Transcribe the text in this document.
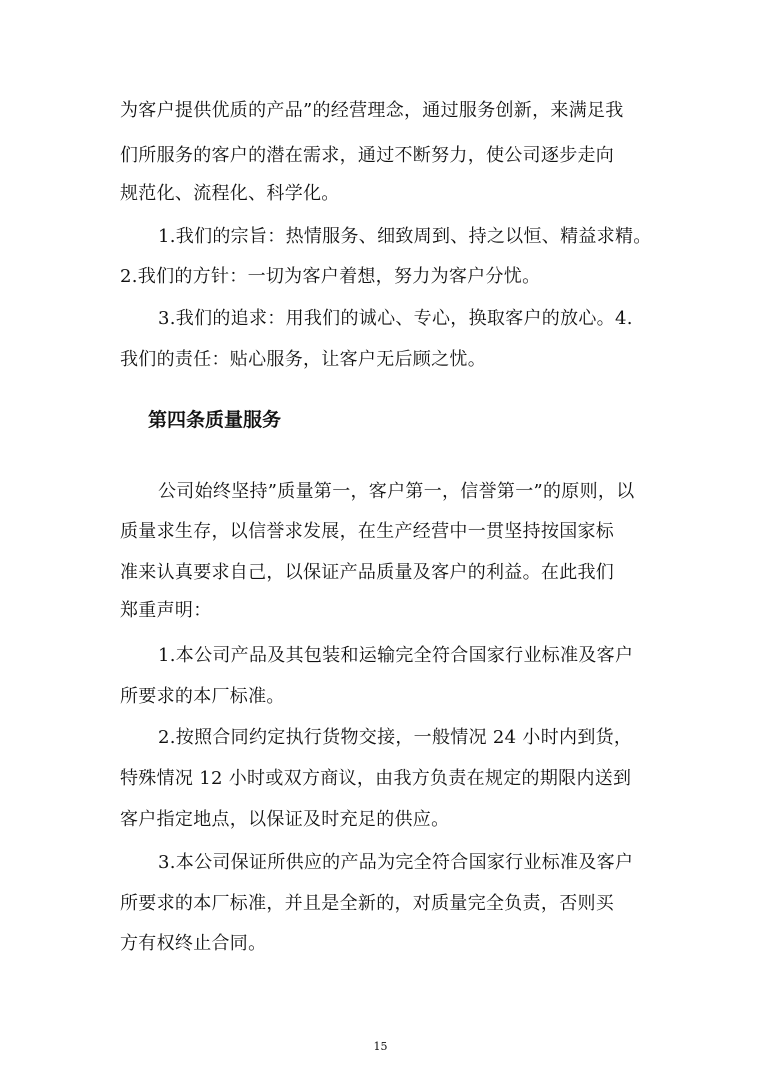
为客户提供优质的产品”的经营理念，通过服务创新，来满足我
们所服务的客户的潜在需求，通过不断努力，使公司逐步走向
规范化、流程化、科学化。
1.我们的宗旨：热情服务、细致周到、持之以恒、精益求精。
2.我们的方针：一切为客户着想，努力为客户分忧。
3.我们的追求：用我们的诚心、专心，换取客户的放心。4.
我们的责任：贴心服务，让客户无后顾之忧。
第四条质量服务
公司始终坚持”质量第一，客户第一，信誉第一”的原则，以
质量求生存，以信誉求发展，在生产经营中一贯坚持按国家标
准来认真要求自己，以保证产品质量及客户的利益。在此我们
郑重声明：
1.本公司产品及其包装和运输完全符合国家行业标准及客户
所要求的本厂标准。
2.按照合同约定执行货物交接，一般情况 24 小时内到货，
特殊情况 12 小时或双方商议，由我方负责在规定的期限内送到
客户指定地点，以保证及时充足的供应。
3.本公司保证所供应的产品为完全符合国家行业标准及客户
所要求的本厂标准，并且是全新的，对质量完全负责，否则买
方有权终止合同。
15
